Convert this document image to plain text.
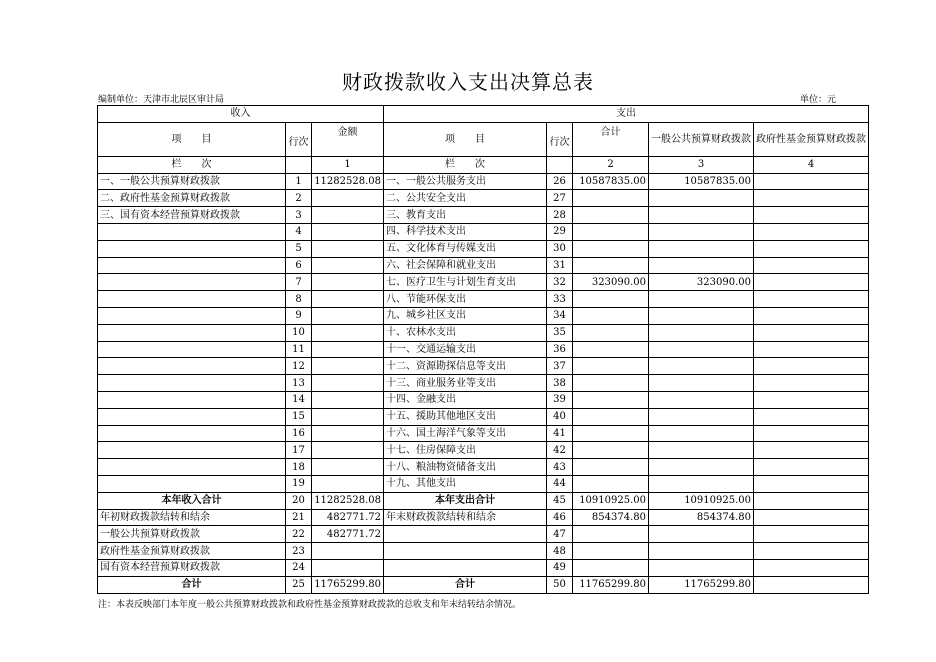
财政拨款收入支出决算总表
编制单位：天津市北辰区审计局	单位：元
收入			支出				
项　　目	行次	金额	项　　目	行次	合计	一般公共预算财政拨款	政府性基金预算财政拨款
栏　　次		1	栏　　次		2	3	4
一、一般公共预算财政拨款	1	11282528.08	一、一般公共服务支出	26	10587835.00	10587835.00	
二、政府性基金预算财政拨款	2		二、公共安全支出	27			
三、国有资本经营预算财政拨款	3		三、教育支出	28			
	4		四、科学技术支出	29			
	5		五、文化体育与传媒支出	30			
	6		六、社会保障和就业支出	31			
	7		七、医疗卫生与计划生育支出	32	323090.00	323090.00	
	8		八、节能环保支出	33			
	9		九、城乡社区支出	34			
	10		十、农林水支出	35			
	11		十一、交通运输支出	36			
	12		十二、资源勘探信息等支出	37			
	13		十三、商业服务业等支出	38			
	14		十四、金融支出	39			
	15		十五、援助其他地区支出	40			
	16		十六、国土海洋气象等支出	41			
	17		十七、住房保障支出	42			
	18		十八、粮油物资储备支出	43			
	19		十九、其他支出	44			
本年收入合计	20	11282528.08	本年支出合计	45	10910925.00	10910925.00	
年初财政拨款结转和结余	21	482771.72	年末财政拨款结转和结余	46	854374.80	854374.80	
一般公共预算财政拨款	22	482771.72		47			
政府性基金预算财政拨款	23			48			
国有资本经营预算财政拨款	24			49			
合计	25	11765299.80	合计	50	11765299.80	11765299.80	
注：本表反映部门本年度一般公共预算财政拨款和政府性基金预算财政拨款的总收支和年末结转结余情况。
